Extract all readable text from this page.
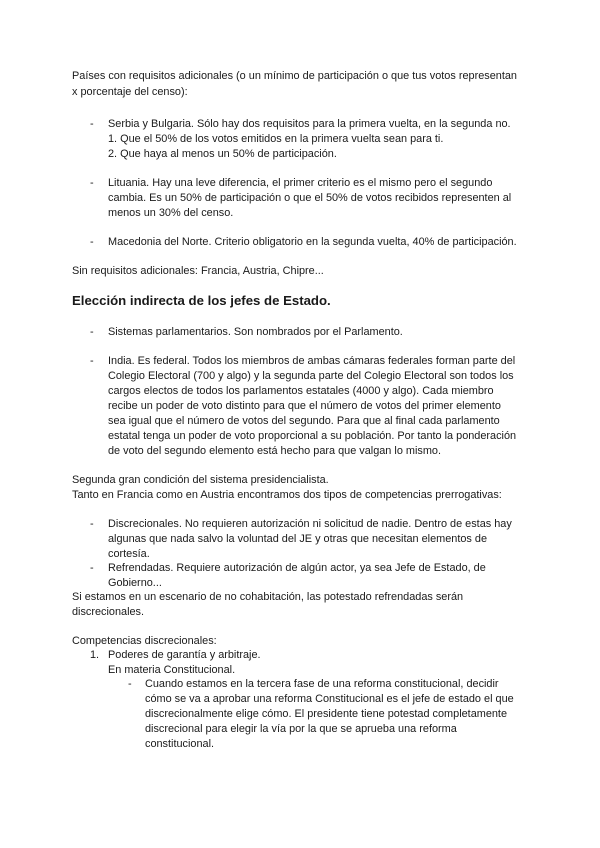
Países con requisitos adicionales (o un mínimo de participación o que tus votos representan
x porcentaje del censo):
- Serbia y Bulgaria. Sólo hay dos requisitos para la primera vuelta, en la segunda no.
1. Que el 50% de los votos emitidos en la primera vuelta sean para ti.
2. Que haya al menos un 50% de participación.
- Lituania. Hay una leve diferencia, el primer criterio es el mismo pero el segundo
cambia. Es un 50% de participación o que el 50% de votos recibidos representen al
menos un 30% del censo.
- Macedonia del Norte. Criterio obligatorio en la segunda vuelta, 40% de participación.
Sin requisitos adicionales: Francia, Austria, Chipre...
Elección indirecta de los jefes de Estado.
- Sistemas parlamentarios. Son nombrados por el Parlamento.
- India. Es federal. Todos los miembros de ambas cámaras federales forman parte del
Colegio Electoral (700 y algo) y la segunda parte del Colegio Electoral son todos los
cargos electos de todos los parlamentos estatales (4000 y algo). Cada miembro
recibe un poder de voto distinto para que el número de votos del primer elemento
sea igual que el número de votos del segundo. Para que al final cada parlamento
estatal tenga un poder de voto proporcional a su población. Por tanto la ponderación
de voto del segundo elemento está hecho para que valgan lo mismo.
Segunda gran condición del sistema presidencialista.
Tanto en Francia como en Austria encontramos dos tipos de competencias prerrogativas:
- Discrecionales. No requieren autorización ni solicitud de nadie. Dentro de estas hay
algunas que nada salvo la voluntad del JE y otras que necesitan elementos de
cortesía.
- Refrendadas. Requiere autorización de algún actor, ya sea Jefe de Estado, de
Gobierno...
Si estamos en un escenario de no cohabitación, las potestado refrendadas serán
discrecionales.
Competencias discrecionales:
1. Poderes de garantía y arbitraje.
En materia Constitucional.
- Cuando estamos en la tercera fase de una reforma constitucional, decidir
cómo se va a aprobar una reforma Constitucional es el jefe de estado el que
discrecionalmente elige cómo. El presidente tiene potestad completamente
discrecional para elegir la vía por la que se aprueba una reforma
constitucional.
